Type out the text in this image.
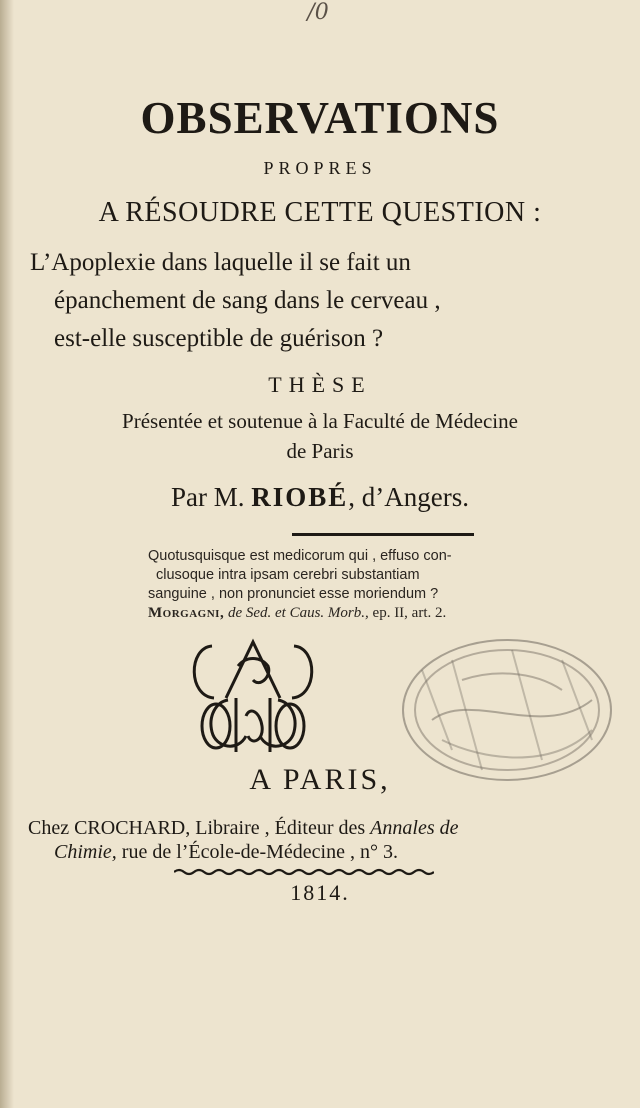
/0
OBSERVATIONS
PROPRES
A RÉSOUDRE CETTE QUESTION :
L’Apoplexie dans laquelle il se fait un
épanchement de sang dans le cerveau ,
est-elle susceptible de guérison ?
THÈSE
Présentée et soutenue à la Faculté de Médecine
de Paris
Par M. RIOBÉ, d’Angers.
Quotusquisque est medicorum qui , effuso con-
clusoque intra ipsam cerebri substantiam
sanguine , non pronunciet esse moriendum ?
Morgagni, de Sed. et Caus. Morb., ep. II, art. 2.
A PARIS,
Chez CROCHARD, Libraire , Éditeur des Annales de
Chimie, rue de l’École-de-Médecine , n° 3.
1814.
